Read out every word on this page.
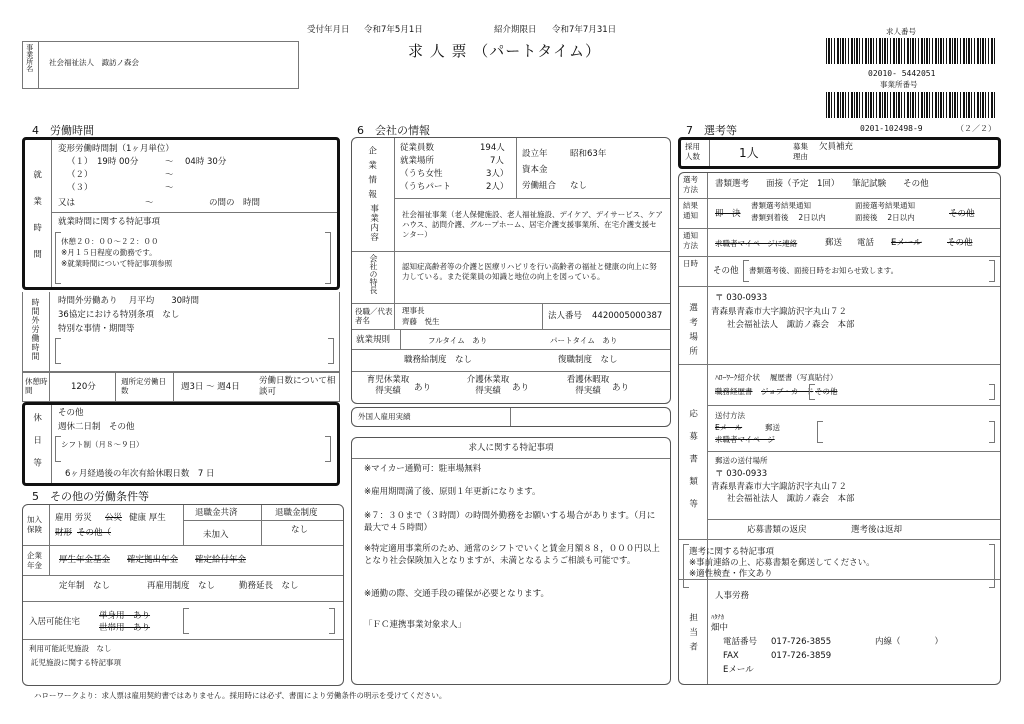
受付年月日 令和7年5月1日	紹介期限日 令和7年7月31日
求 人 票 （パートタイム）
事業所名 社会福祉法人　諏訪ノ森会
求人番号
02010- 5442051
事業所番号
0201-102498-9	（２／２）
4　労働時間
就業時間
変形労働時間制（1ヶ月単位）
（１） 19時 00分	～ 04時 30分
（２）	～
（３）	～
又は	～	の間の　時間
就業時間に関する特記事項
休憩２０：００～２２：００
※月１５日程度の勤務です。
※就業時間について特記事項参照
時間外労働時間 時間外労働あり　 月平均　　30時間
36協定における特別条項　なし
特別な事情・期間等
休憩時間	120分
週所定労働日数	週3日 ～ 週4日
労働日数について相談可
休日等 その他
週休二日制　その他
シフト制（月８～９日）
6ヶ月経過後の年次有給休暇日数　7 日
5　その他の労働条件等
加入保険
雇用 労災 公災 健康 厚生
財形 その他（
退職金共済
未加入
退職金制度
なし
企業年金
厚生年金基金 確定拠出年金 確定給付年金
定年制　なし	再雇用制度　なし	勤務延長　なし
入居可能住宅
単身用　あり
世帯用　あり
利用可能託児施設　なし
託児施設に関する特記事項
6　会社の情報
企業情報	従業員数	194人
就業場所	7人
（うち女性	3人）
（うちパート	2人）
設立年	昭和63年
資本金
労働組合 なし
事業内容	社会福祉事業（老人保健施設、老人福祉施設、デイケア、デイサービス、ケアハウス、訪問介護、グループホーム、居宅介護支援事業所、在宅介護支援センター）
会社の特長	認知症高齢者等の介護と医療リハビリを行い高齢者の福祉と健康の向上に努力している。また従業員の知識と地位の向上を図っている。
役職／代表者名
理事長
齊藤　悦生
法人番号 4420005000387
就業規則	フルタイム　あり	パートタイム　あり
職務給制度　なし	復職制度　なし
育児休業取得実績	あり
介護休業取得実績	あり
看護休暇取得実績	あり
外国人雇用実績
求人に関する特記事項
※マイカー通勤可：駐車場無料
※雇用期間満了後、原則１年更新になります。
※７：３０まで（３時間）の時間外勤務をお願いする場合があります。（月に最大で４５時間）
※特定適用事業所のため、通常のシフトでいくと賃金月額８８，０００円以上となり社会保険加入となりますが、未満となるようご相談も可能です。
※通勤の際、交通手段の確保が必要となります。
「ＦＣ連携事業対象求人」
7　選考等
採用人数	1人	募集理由
欠員補充
選考方法
書類選考　　面接（予定　1回）　　筆記試験　　その他
結果通知	即　決
書類選考結果通知
書類到着後　 2日以内
面接選考結果通知
面接後　 2日以内	その他
通知方法	求職者マイページに連絡	郵送 電話 Eメール	その他
日時
その他 書類選考後、面接日時をお知らせ致します。
選考場所
〒 030-0933
青森県青森市大字諏訪沢字丸山７２
社会福祉法人　諏訪ノ森会　本部
応募書類等
ﾊﾛｰﾜｰｸ紹介状　 履歴書（写真貼付）
職務経歴書 ジョブ・カード その他
送付方法
Eメール	郵送
求職者マイページ
郵送の送付場所
〒 030-0933
青森県青森市大字諏訪沢字丸山７２
社会福祉法人　諏訪ノ森会　本部
応募書類の返戻	選考後は返却
選考に関する特記事項
※事前連絡の上、応募書類を郵送してください。
※適性検査・作文あり
担当者
人事労務
ﾊﾀﾅｶ
畑中
電話番号 017-726-3855	内線（　　　　）
FAX	017-726-3859
Eメール
ハローワークより：求人票は雇用契約書ではありません。採用時には必ず、書面により労働条件の明示を受けてください。
